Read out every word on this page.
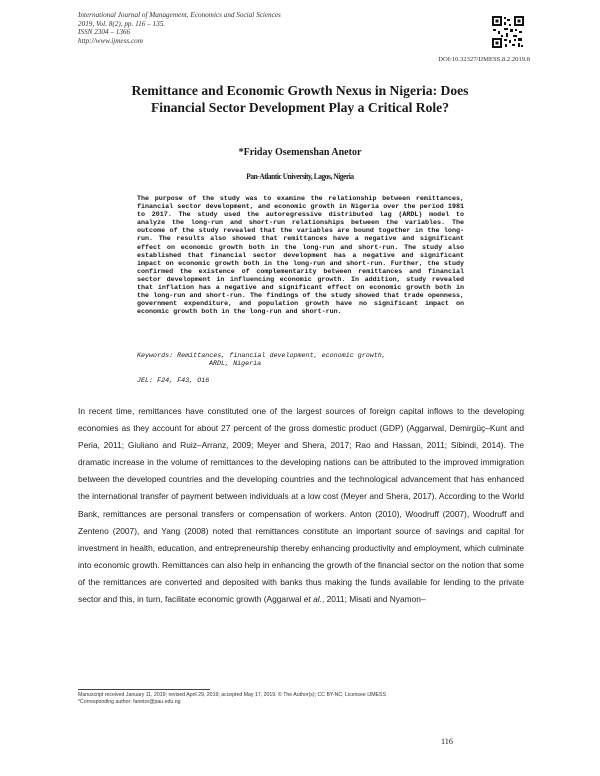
International Journal of Management, Economics and Social Sciences
2019, Vol. 8(2), pp. 116 – 135.
ISSN 2304 – 1366
http://www.ijmess.com
DOI:10.32327/IJMESS.8.2.2019.8
Remittance and Economic Growth Nexus in Nigeria: Does Financial Sector Development Play a Critical Role?
*Friday Osemenshan Anetor
Pan-Atlantic University, Lagos, Nigeria
The purpose of the study was to examine the relationship between remittances, financial sector development, and economic growth in Nigeria over the period 1981 to 2017. The study used the autoregressive distributed lag (ARDL) model to analyze the long-run and short-run relationships between the variables. The outcome of the study revealed that the variables are bound together in the long-run. The results also showed that remittances have a negative and significant effect on economic growth both in the long-run and short-run. The study also established that financial sector development has a negative and significant impact on economic growth both in the long-run and short-run. Further, the study confirmed the existence of complementarity between remittances and financial sector development in influencing economic growth. In addition, study revealed that inflation has a negative and significant effect on economic growth both in the long-run and short-run. The findings of the study showed that trade openness, government expenditure, and population growth have no significant impact on economic growth both in the long-run and short-run.
Keywords: Remittances, financial development, economic growth,
ARDL, Nigeria
JEL: F24, F43, O16
In recent time, remittances have constituted one of the largest sources of foreign capital inflows to the developing economies as they account for about 27 percent of the gross domestic product (GDP) (Aggarwal, Demirgüç–Kunt and Peria, 2011; Giuliano and Ruiz–Arranz, 2009; Meyer and Shera, 2017; Rao and Hassan, 2011; Sibindi, 2014). The dramatic increase in the volume of remittances to the developing nations can be attributed to the improved immigration between the developed countries and the developing countries and the technological advancement that has enhanced the international transfer of payment between individuals at a low cost (Meyer and Shera, 2017). According to the World Bank, remittances are personal transfers or compensation of workers. Anton (2010), Woodruff (2007), Woodruff and Zenteno (2007), and Yang (2008) noted that remittances constitute an important source of savings and capital for investment in health, education, and entrepreneurship thereby enhancing productivity and employment, which culminate into economic growth. Remittances can also help in enhancing the growth of the financial sector on the notion that some of the remittances are converted and deposited with banks thus making the funds available for lending to the private sector and this, in turn, facilitate economic growth (Aggarwal et al., 2011; Misati and Nyamon–
Manuscript received January 11, 2019; revised April 29, 2019; accepted May 17, 2019. © The Author(s); CC BY-NC; Licensee IJMESS
*Corresponding author: fanetor@pau.edu.ng
116
